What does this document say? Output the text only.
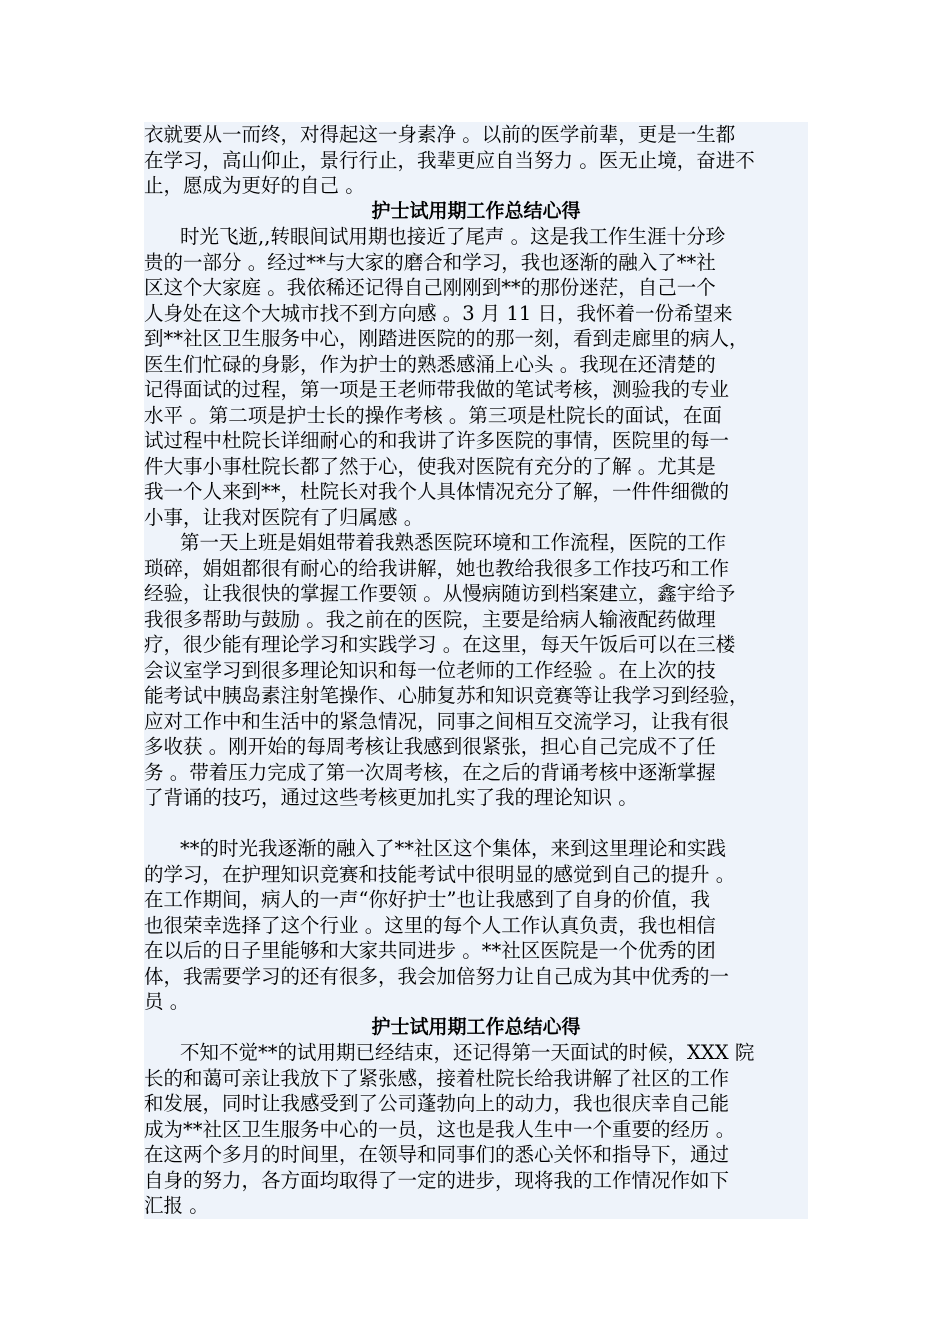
衣就要从一而终，对得起这一身素净 。以前的医学前辈，更是一生都
在学习，高山仰止，景行行止，我辈更应自当努力 。医无止境，奋进不
止，愿成为更好的自己 。
护士试用期工作总结心得
时光飞逝,,转眼间试用期也接近了尾声 。这是我工作生涯十分珍
贵的一部分 。经过**与大家的磨合和学习，我也逐渐的融入了**社
区这个大家庭 。我依稀还记得自己刚刚到**的那份迷茫，自己一个
人身处在这个大城市找不到方向感 。3 月 11 日，我怀着一份希望来
到**社区卫生服务中心，刚踏进医院的的那一刻，看到走廊里的病人，
医生们忙碌的身影，作为护士的熟悉感涌上心头 。我现在还清楚的
记得面试的过程，第一项是王老师带我做的笔试考核，测验我的专业
水平 。第二项是护士长的操作考核 。第三项是杜院长的面试，在面
试过程中杜院长详细耐心的和我讲了许多医院的事情，医院里的每一
件大事小事杜院长都了然于心，使我对医院有充分的了解 。尤其是
我一个人来到**，杜院长对我个人具体情况充分了解，一件件细微的
小事，让我对医院有了归属感 。
第一天上班是娟姐带着我熟悉医院环境和工作流程，医院的工作
琐碎，娟姐都很有耐心的给我讲解，她也教给我很多工作技巧和工作
经验，让我很快的掌握工作要领 。从慢病随访到档案建立，鑫宇给予
我很多帮助与鼓励 。我之前在的医院，主要是给病人输液配药做理
疗，很少能有理论学习和实践学习 。在这里，每天午饭后可以在三楼
会议室学习到很多理论知识和每一位老师的工作经验 。在上次的技
能考试中胰岛素注射笔操作、心肺复苏和知识竞赛等让我学习到经验，
应对工作中和生活中的紧急情况，同事之间相互交流学习，让我有很
多收获 。刚开始的每周考核让我感到很紧张，担心自己完成不了任
务 。带着压力完成了第一次周考核，在之后的背诵考核中逐渐掌握
了背诵的技巧，通过这些考核更加扎实了我的理论知识 。
**的时光我逐渐的融入了**社区这个集体，来到这里理论和实践
的学习，在护理知识竞赛和技能考试中很明显的感觉到自己的提升 。
在工作期间，病人的一声“你好护士”也让我感到了自身的价值，我
也很荣幸选择了这个行业 。这里的每个人工作认真负责，我也相信
在以后的日子里能够和大家共同进步 。**社区医院是一个优秀的团
体，我需要学习的还有很多，我会加倍努力让自己成为其中优秀的一
员 。
护士试用期工作总结心得
不知不觉**的试用期已经结束，还记得第一天面试的时候，XXX 院
长的和蔼可亲让我放下了紧张感，接着杜院长给我讲解了社区的工作
和发展，同时让我感受到了公司蓬勃向上的动力，我也很庆幸自己能
成为**社区卫生服务中心的一员，这也是我人生中一个重要的经历 。
在这两个多月的时间里，在领导和同事们的悉心关怀和指导下，通过
自身的努力，各方面均取得了一定的进步，现将我的工作情况作如下
汇报 。
